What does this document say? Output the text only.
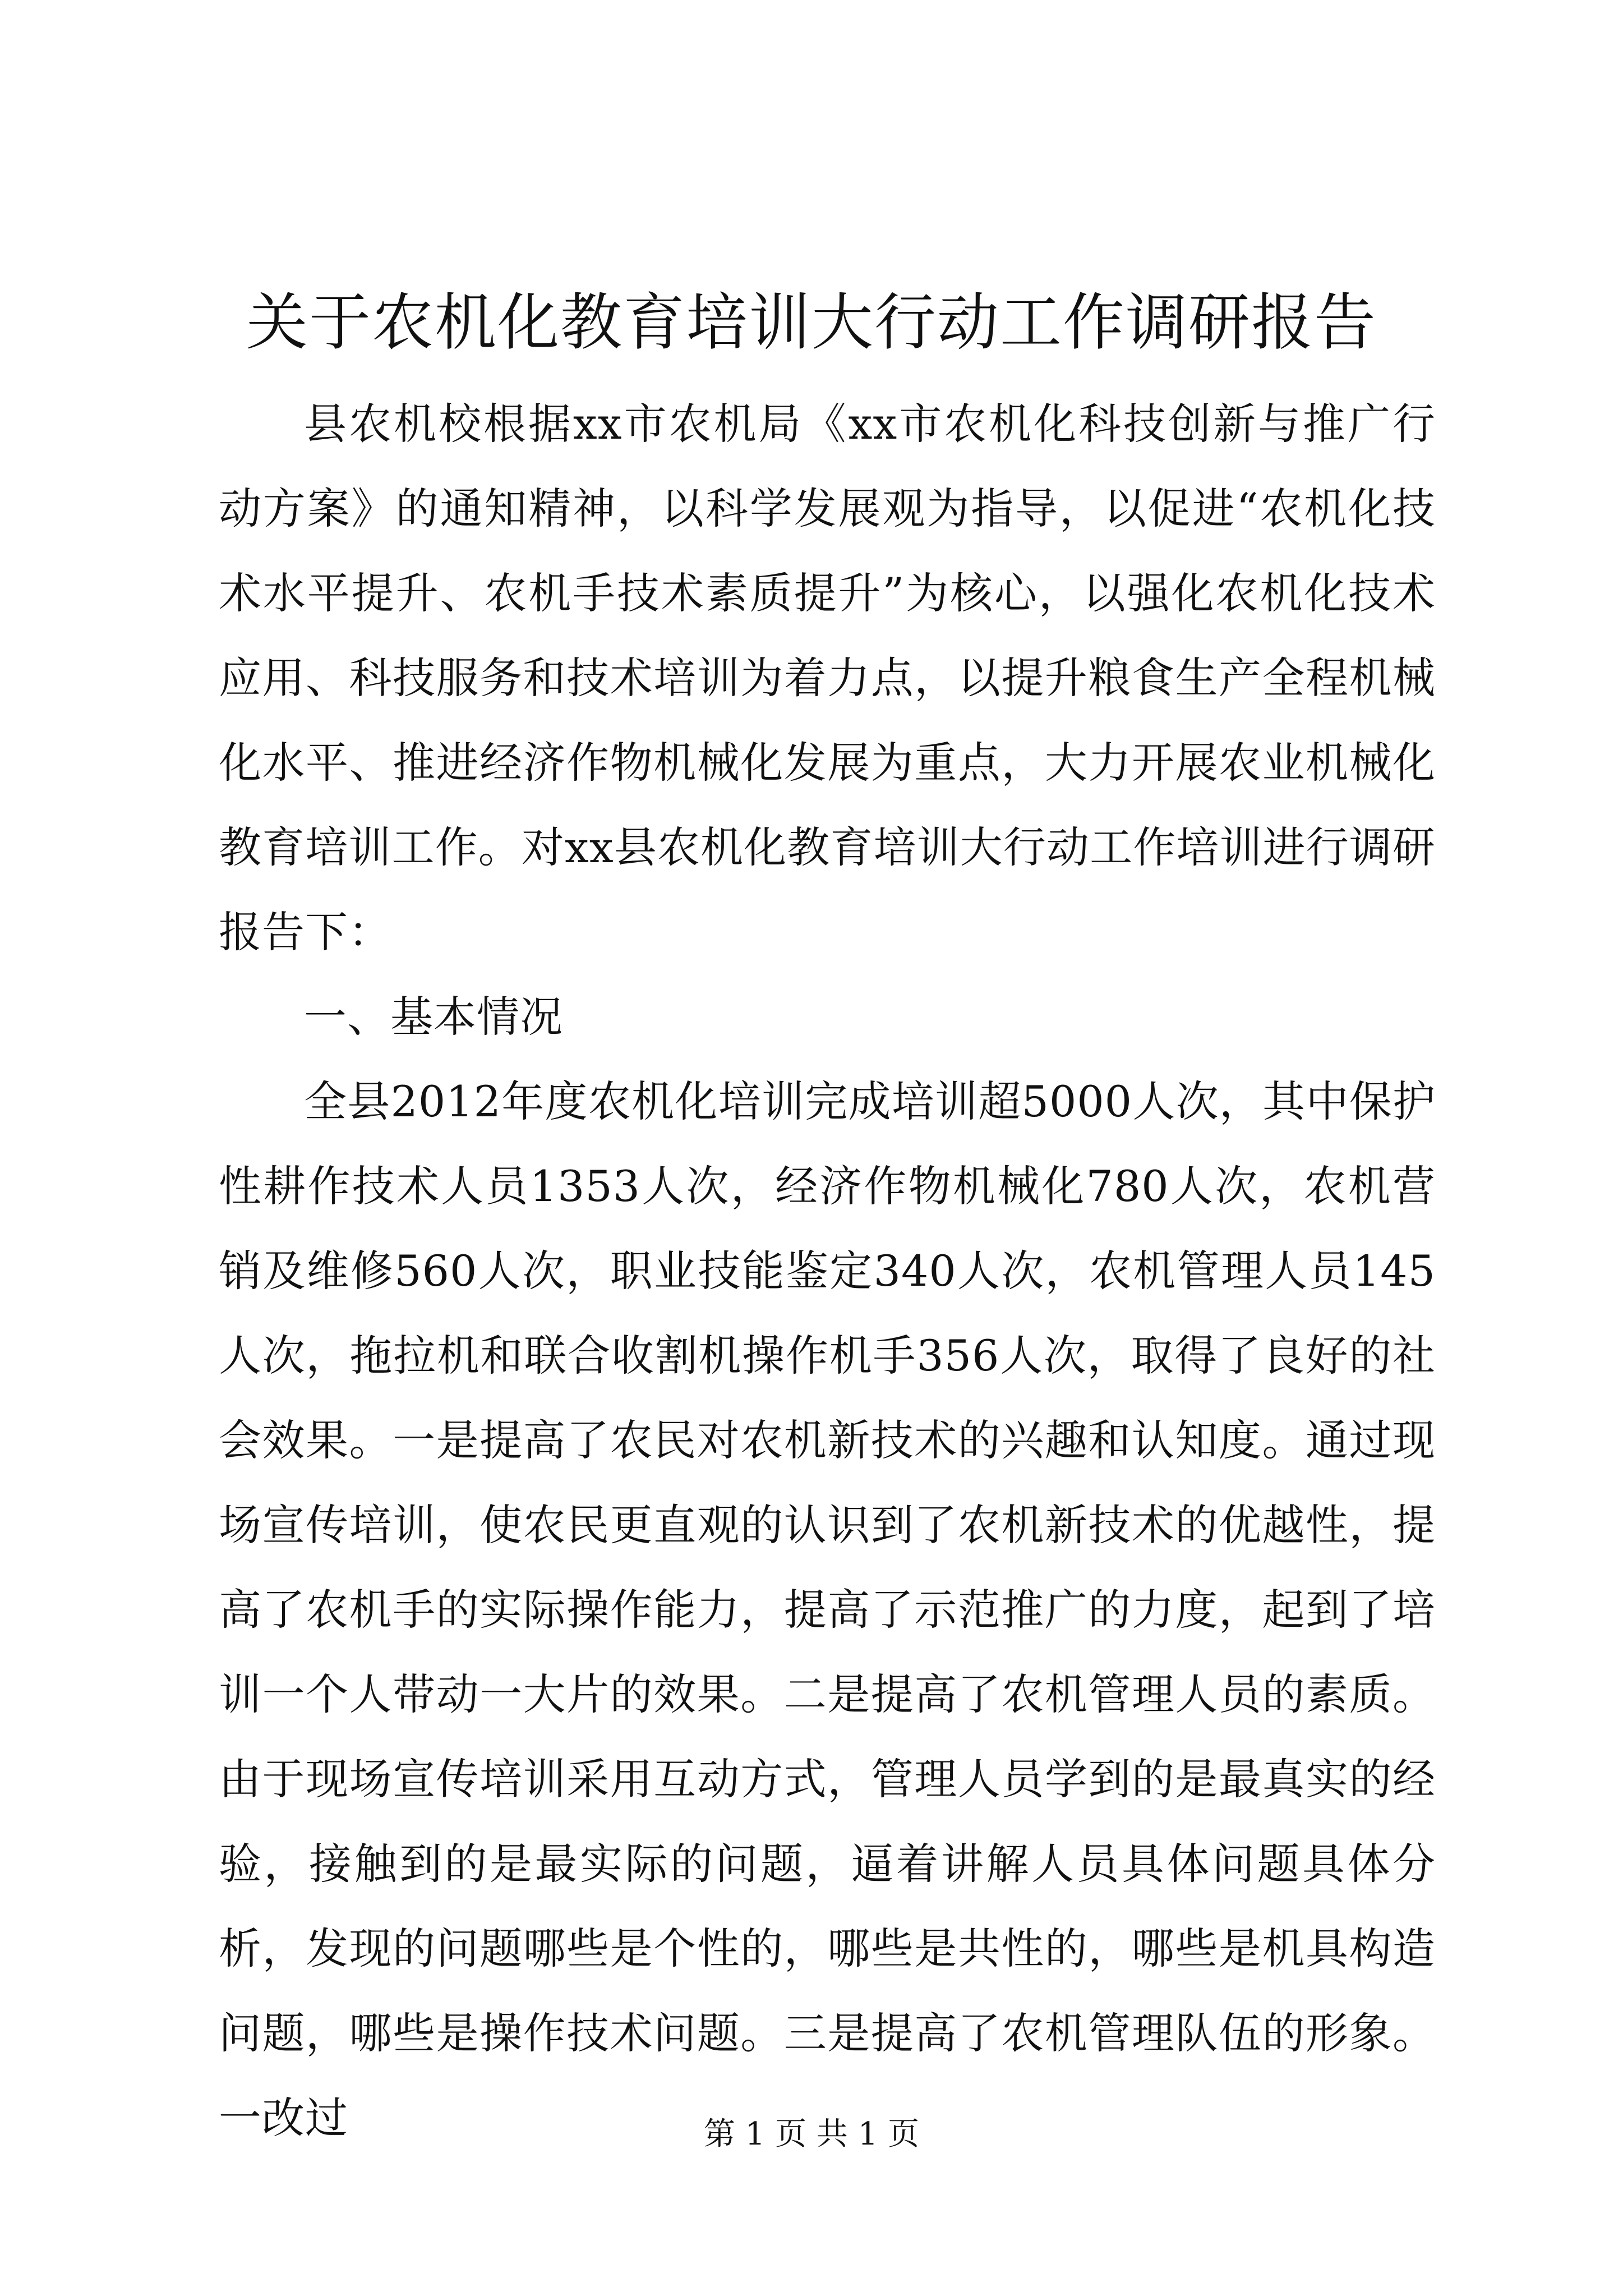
关于农机化教育培训大行动工作调研报告

县农机校根据xx市农机局《xx市农机化科技创新与推广行动方案》的通知精神，以科学发展观为指导，以促进“农机化技术水平提升、农机手技术素质提升”为核心，以强化农机化技术应用、科技服务和技术培训为着力点，以提升粮食生产全程机械化水平、推进经济作物机械化发展为重点，大力开展农业机械化教育培训工作。对xx县农机化教育培训大行动工作培训进行调研报告下：

一、基本情况

全县2012年度农机化培训完成培训超5000人次，其中保护性耕作技术人员1353人次，经济作物机械化780人次，农机营销及维修560人次，职业技能鉴定340人次，农机管理人员145人次，拖拉机和联合收割机操作机手356人次，取得了良好的社会效果。一是提高了农民对农机新技术的兴趣和认知度。通过现场宣传培训，使农民更直观的认识到了农机新技术的优越性，提高了农机手的实际操作能力，提高了示范推广的力度，起到了培训一个人带动一大片的效果。二是提高了农机管理人员的素质。由于现场宣传培训采用互动方式，管理人员学到的是最真实的经验，接触到的是最实际的问题，逼着讲解人员具体问题具体分析，发现的问题哪些是个性的，哪些是共性的，哪些是机具构造问题，哪些是操作技术问题。三是提高了农机管理队伍的形象。一改过	第 1 页 共 1 页
